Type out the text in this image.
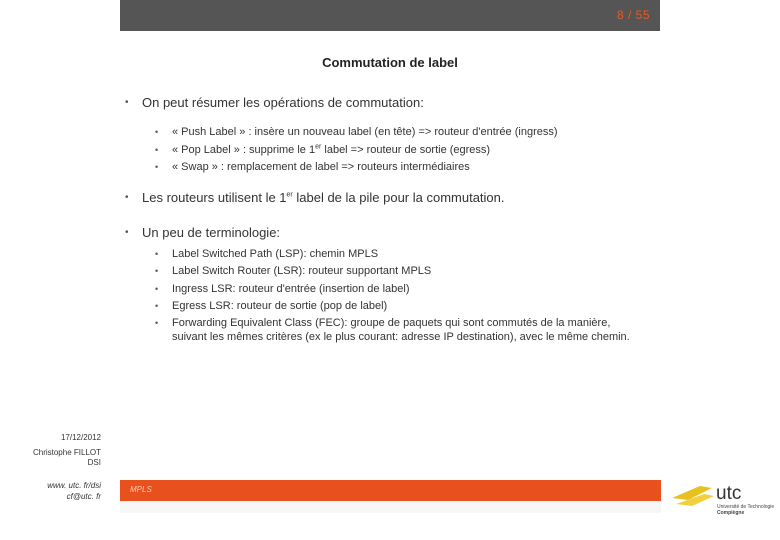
8 / 55
Commutation de label

• On peut résumer les opérations de commutation:

• « Push Label » : insère un nouveau label (en tête) => routeur d'entrée (ingress)

• « Pop Label » : supprime le 1er label => routeur de sortie (egress)

• « Swap » : remplacement de label => routeurs intermédiaires

• Les routeurs utilisent le 1er label de la pile pour la commutation.

• Un peu de terminologie:

• Label Switched Path (LSP): chemin MPLS

• Label Switch Router (LSR): routeur supportant MPLS

• Ingress LSR: routeur d'entrée (insertion de label)

• Egress LSR: routeur de sortie (pop de label)

• Forwarding Equivalent Class (FEC): groupe de paquets qui sont commutés de la manière, suivant les mêmes critères (ex le plus courant: adresse IP destination), avec le même chemin.

17/12/2012
Christophe FILLOT
DSI
www. utc. fr/dsi
cf@utc. fr
MPLS	utc
Université de Technologie
Compiègne
